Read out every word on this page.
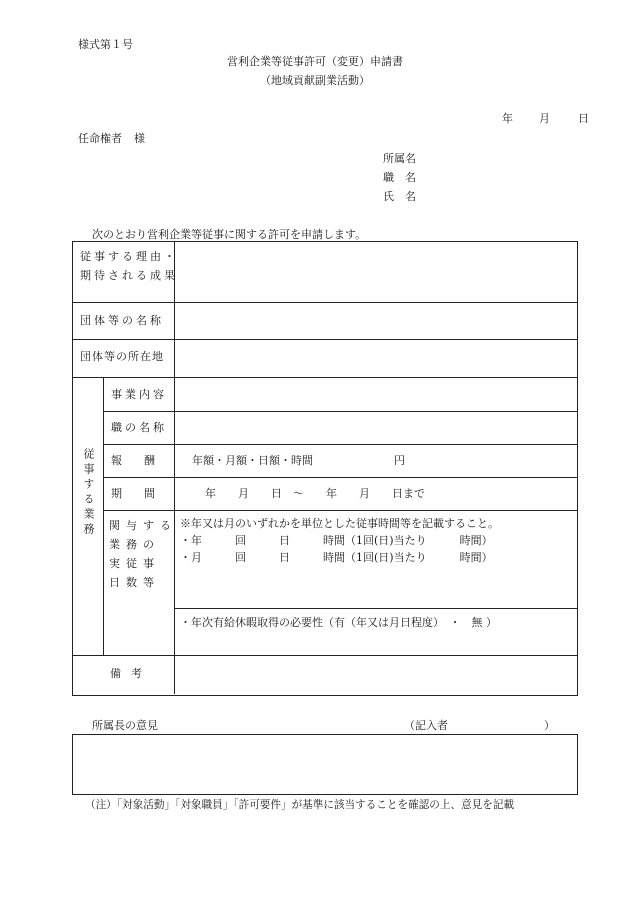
様式第１号
営利企業等従事許可（変更）申請書
（地域貢献副業活動）
年 月	日
任命権者 様
所属名
職　名
氏　名
次のとおり営利企業等従事に関する許可を申請します。
従事する理由・
期待される成果
団体等の名称
団体等の所在地
従事する業務
事業内容
職の名称
報　　酬	年額・月額・日額・時間	円
期　　間	年　　月　　日　～　　年　　月　　日まで
関与する
業務の
実従事
日数等
※年又は月のいずれかを単位とした従事時間等を記載すること。
・年　　　回　　　日　　　時間（1回(日)当たり　　　時間）
・月　　　回　　　日　　　時間（1回(日)当たり　　　時間）
・年次有給休暇取得の必要性（有（年又は月日程度）　・　無 ）
備考
所属長の意見	（記入者	）
（注）「対象活動」「対象職員」「許可要件」が基準に該当することを確認の上、意見を記載
